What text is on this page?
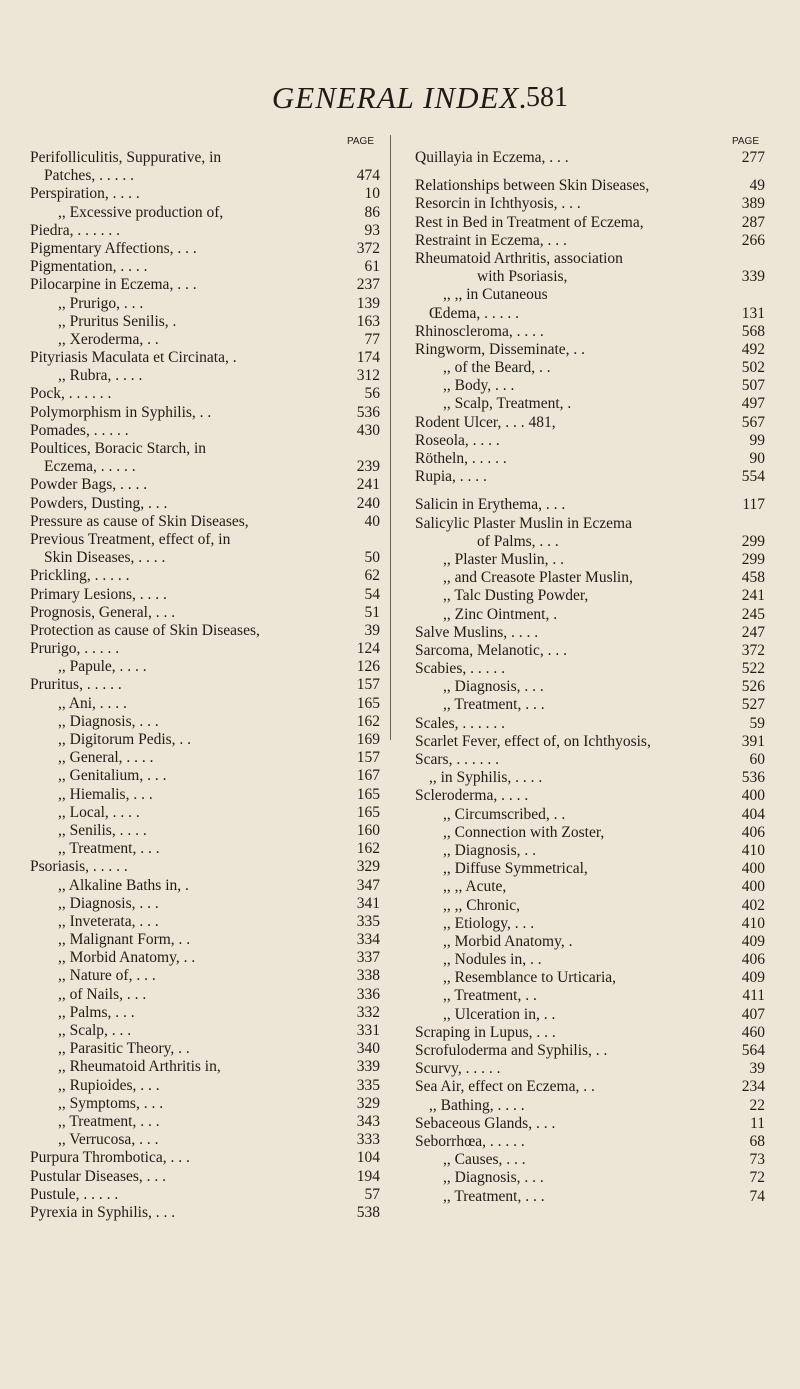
GENERAL INDEX.
581
PAGE
Perifolliculitis, Suppurative, in
Patches, . . . . .	474
Perspiration, . . . .	10
,, Excessive production of,	86
Piedra, . . . . . .	93
Pigmentary Affections, . . .	372
Pigmentation, . . . .	61
Pilocarpine in Eczema, . . .	237
,, Prurigo, . . .	139
,, Pruritus Senilis, .	163
,, Xeroderma, . .	77
Pityriasis Maculata et Circinata, .	174
,, Rubra, . . . .	312
Pock, . . . . . .	56
Polymorphism in Syphilis, . .	536
Pomades, . . . . .	430
Poultices, Boracic Starch, in
Eczema, . . . . .	239
Powder Bags, . . . .	241
Powders, Dusting, . . .	240
Pressure as cause of Skin Diseases,	40
Previous Treatment, effect of, in
Skin Diseases, . . . .	50
Prickling, . . . . .	62
Primary Lesions, . . . .	54
Prognosis, General, . . .	51
Protection as cause of Skin Diseases,	39
Prurigo, . . . . .	124
,, Papule, . . . .	126
Pruritus, . . . . .	157
,, Ani, . . . .	165
,, Diagnosis, . . .	162
,, Digitorum Pedis, . .	169
,, General, . . . .	157
,, Genitalium, . . .	167
,, Hiemalis, . . .	165
,, Local, . . . .	165
,, Senilis, . . . .	160
,, Treatment, . . .	162
Psoriasis, . . . . .	329
,, Alkaline Baths in, .	347
,, Diagnosis, . . .	341
,, Inveterata, . . .	335
,, Malignant Form, . .	334
,, Morbid Anatomy, . .	337
,, Nature of, . . .	338
,, of Nails, . . .	336
,, Palms, . . .	332
,, Scalp, . . .	331
,, Parasitic Theory, . .	340
,, Rheumatoid Arthritis in,	339
,, Rupioides, . . .	335
,, Symptoms, . . .	329
,, Treatment, . . .	343
,, Verrucosa, . . .	333
Purpura Thrombotica, . . .	104
Pustular Diseases, . . .	194
Pustule, . . . . .	57
Pyrexia in Syphilis, . . .	538
PAGE
Quillayia in Eczema, . . .	277
Relationships between Skin Diseases,	49
Resorcin in Ichthyosis, . . .	389
Rest in Bed in Treatment of Eczema,	287
Restraint in Eczema, . . .	266
Rheumatoid Arthritis, association
with Psoriasis,	339
,, ,, in Cutaneous
Œdema, . . . . .	131
Rhinoscleroma, . . . .	568
Ringworm, Disseminate, . .	492
,, of the Beard, . .	502
,, Body, . . .	507
,, Scalp, Treatment, .	497
Rodent Ulcer, . . . 481,	567
Roseola, . . . .	99
Rötheln, . . . . .	90
Rupia, . . . .	554
Salicin in Erythema, . . .	117
Salicylic Plaster Muslin in Eczema
of Palms, . . .	299
,, Plaster Muslin, . .	299
,, and Creasote Plaster Muslin,	458
,, Talc Dusting Powder,	241
,, Zinc Ointment, .	245
Salve Muslins, . . . .	247
Sarcoma, Melanotic, . . .	372
Scabies, . . . . .	522
,, Diagnosis, . . .	526
,, Treatment, . . .	527
Scales, . . . . . .	59
Scarlet Fever, effect of, on Ichthyosis,	391
Scars, . . . . . .	60
,, in Syphilis, . . . .	536
Scleroderma, . . . .	400
,, Circumscribed, . .	404
,, Connection with Zoster,	406
,, Diagnosis, . .	410
,, Diffuse Symmetrical,	400
,, ,, Acute,	400
,, ,, Chronic,	402
,, Etiology, . . .	410
,, Morbid Anatomy, .	409
,, Nodules in, . .	406
,, Resemblance to Urticaria,	409
,, Treatment, . .	411
,, Ulceration in, . .	407
Scraping in Lupus, . . .	460
Scrofuloderma and Syphilis, . .	564
Scurvy, . . . . .	39
Sea Air, effect on Eczema, . .	234
,, Bathing, . . . .	22
Sebaceous Glands, . . .	11
Seborrhœa, . . . . .	68
,, Causes, . . .	73
,, Diagnosis, . . .	72
,, Treatment, . . .	74
